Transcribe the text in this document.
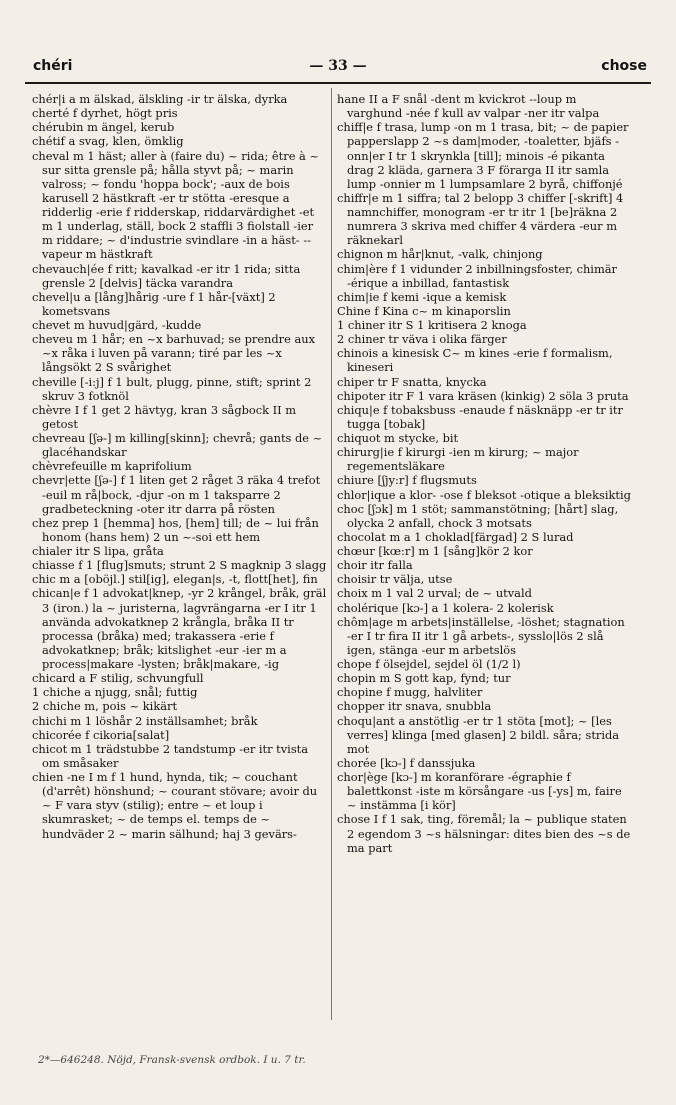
chéri	— 33 —	chose

chér|i a m älskad, älskling -ir tr älska, dyrka

cherté f dyrhet, högt pris

chérubin m ängel, kerub

chétif a svag, klen, ömklig

cheval m 1 häst; aller à (faire du) ~ rida; être à ~ sur sitta grensle på; hålla styvt på; ~ marin valross; ~ fondu 'hoppa bock'; -aux de bois karusell 2 hästkraft -er tr stötta -eresque a ridderlig -erie f ridderskap, riddarvärdighet -et m 1 underlag, ställ, bock 2 staffli 3 fiolstall -ier m riddare; ~ d'industrie svindlare -in a häst- --vapeur m hästkraft

chevauch|ée f ritt; kavalkad -er itr 1 rida; sitta grensle 2 [delvis] täcka varandra

chevel|u a [lång]hårig -ure f 1 hår-[växt] 2 kometsvans

chevet m huvud|gärd, -kudde

cheveu m 1 hår; en ~x barhuvad; se prendre aux ~x råka i luven på varann; tiré par les ~x långsökt 2 S svårighet

cheville [-i:j] f 1 bult, plugg, pinne, stift; sprint 2 skruv 3 fotknöl

chèvre I f 1 get 2 hävtyg, kran 3 sågbock II m getost

chevreau [ʃə-] m killing[skinn]; chevrå; gants de ~ glacéhandskar

chèvrefeuille m kaprifolium

chevr|ette [ʃə-] f 1 liten get 2 råget 3 räka 4 trefot -euil m rå|bock, -djur -on m 1 taksparre 2 gradbeteckning -oter itr darra på rösten

chez prep 1 [hemma] hos, [hem] till; de ~ lui från honom (hans hem) 2 un ~-soi ett hem

chialer itr S lipa, gråta

chiasse f 1 [flug]smuts; strunt 2 S magknip 3 slagg

chic m a [oböjl.] stil[ig], elegan|s, -t, flott[het], fin

chican|e f 1 advokat|knep, -yr 2 krångel, bråk, gräl 3 (iron.) la ~ juristerna, lagvrängarna -er I itr 1 använda advokatknep 2 krångla, bråka II tr processa (bråka) med; trakassera -erie f advokatknep; bråk; kitslighet -eur -ier m a process|makare -lysten; bråk|makare, -ig

chicard a F stilig, schvungfull

1 chiche a njugg, snål; futtig

2 chiche m, pois ~ kikärt

chichi m 1 löshår 2 inställsamhet; bråk

chicorée f cikoria[salat]

chicot m 1 trädstubbe 2 tandstump -er itr tvista om småsaker

chien -ne I m f 1 hund, hynda, tik; ~ couchant (d'arrêt) hönshund; ~ courant stövare; avoir du ~ F vara styv (stilig); entre ~ et loup i skumrasket; ~ de temps el. temps de ~ hundväder 2 ~ marin sälhund; haj 3 gevärs-

hane II a F snål -dent m kvickrot --loup m varghund -née f kull av valpar -ner itr valpa

chiff|e f trasa, lump -on m 1 trasa, bit; ~ de papier papperslapp 2 ~s dam|moder, -toaletter, bjäfs -onn|er I tr 1 skrynkla [till]; minois -é pikanta drag 2 kläda, garnera 3 F förarga II itr samla lump -onnier m 1 lumpsamlare 2 byrå, chiffonjé

chiffr|e m 1 siffra; tal 2 belopp 3 chiffer [-skrift] 4 namnchiffer, monogram -er tr itr 1 [be]räkna 2 numrera 3 skriva med chiffer 4 värdera -eur m räknekarl

chignon m hår|knut, -valk, chinjong

chim|ère f 1 vidunder 2 inbillningsfoster, chimär -érique a inbillad, fantastisk

chim|ie f kemi -ique a kemisk

Chine f Kina c~ m kinaporslin

1 chiner itr S 1 kritisera 2 knoga

2 chiner tr väva i olika färger

chinois a kinesisk C~ m kines -erie f formalism, kineseri

chiper tr F snatta, knycka

chipoter itr F 1 vara kräsen (kinkig) 2 söla 3 pruta

chiqu|e f tobaksbuss -enaude f näsknäpp -er tr itr tugga [tobak]

chiquot m stycke, bit

chirurg|ie f kirurgi -ien m kirurg; ~ major regementsläkare

chiure [ʃjy:r] f flugsmuts

chlor|ique a klor- -ose f bleksot -otique a bleksiktig

choc [ʃɔk] m 1 stöt; sammanstötning; [hårt] slag, olycka 2 anfall, chock 3 motsats

chocolat m a 1 choklad[färgad] 2 S lurad

chœur [kœ:r] m 1 [sång]kör 2 kor

choir itr falla

choisir tr välja, utse

choix m 1 val 2 urval; de ~ utvald

cholérique [kɔ-] a 1 kolera- 2 kolerisk

chôm|age m arbets|inställelse, -löshet; stagnation -er I tr fira II itr 1 gå arbets-, sysslo|lös 2 slå igen, stänga -eur m arbetslös

chope f ölsejdel, sejdel öl (1/2 l)

chopin m S gott kap, fynd; tur

chopine f mugg, halvliter

chopper itr snava, snubbla

choqu|ant a anstötlig -er tr 1 stöta [mot]; ~ [les verres] klinga [med glasen] 2 bildl. såra; strida mot

chorée [kɔ-] f danssjuka

chor|ège [kɔ-] m koranförare -égraphie f balettkonst -iste m körsångare -us [-ys] m, faire ~ instämma [i kör]

chose I f 1 sak, ting, föremål; la ~ publique staten 2 egendom 3 ~s hälsningar: dites bien des ~s de ma part

2*—646248. Nöjd, Fransk-svensk ordbok. I u. 7 tr.
